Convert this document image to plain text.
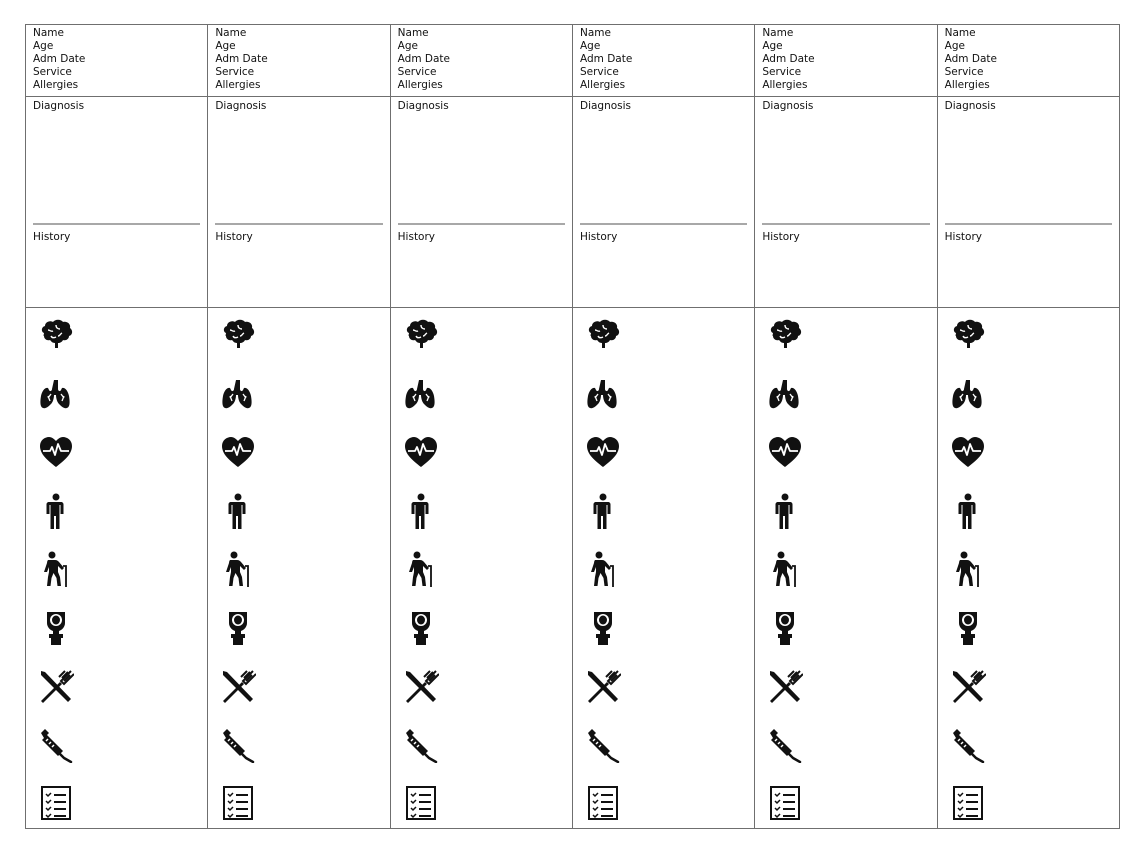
Name
Age
Adm Date
Service
Allergies
Diagnosis
History
Name
Age
Adm Date
Service
Allergies
Diagnosis
History
Name
Age
Adm Date
Service
Allergies
Diagnosis
History
Name
Age
Adm Date
Service
Allergies
Diagnosis
History
Name
Age
Adm Date
Service
Allergies
Diagnosis
History
Name
Age
Adm Date
Service
Allergies
Diagnosis
History
